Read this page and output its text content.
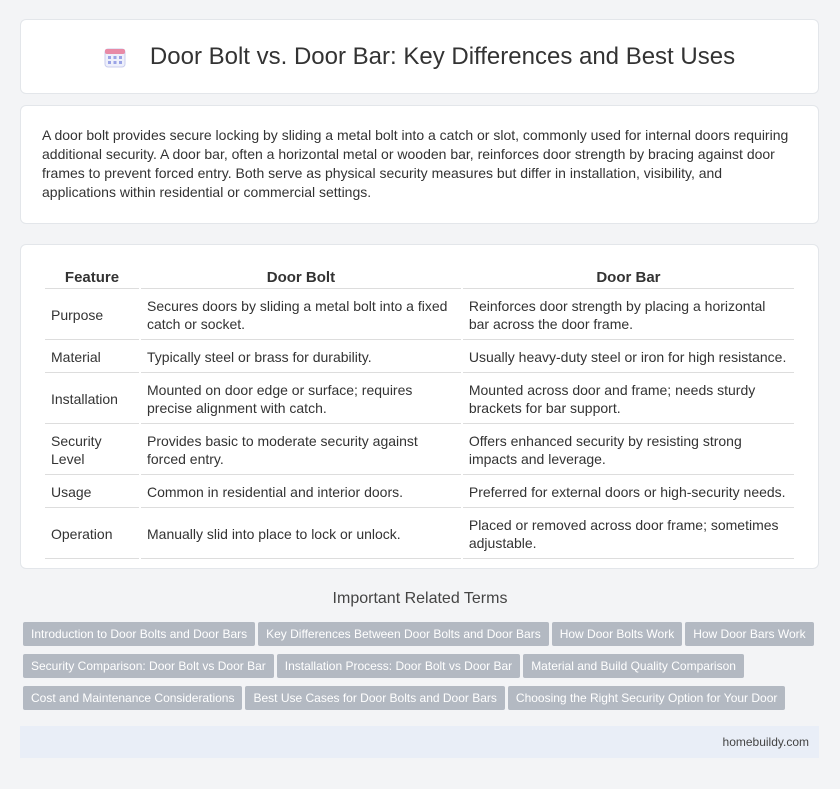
Door Bolt vs. Door Bar: Key Differences and Best Uses

A door bolt provides secure locking by sliding a metal bolt into a catch or slot, commonly used for internal doors requiring additional security. A door bar, often a horizontal metal or wooden bar, reinforces door strength by bracing against door frames to prevent forced entry. Both serve as physical security measures but differ in installation, visibility, and applications within residential or commercial settings.

Feature	Door Bolt	Door Bar
Purpose	Secures doors by sliding a metal bolt into a fixed catch or socket.	Reinforces door strength by placing a horizontal bar across the door frame.
Material	Typically steel or brass for durability.	Usually heavy-duty steel or iron for high resistance.
Installation	Mounted on door edge or surface; requires precise alignment with catch.	Mounted across door and frame; needs sturdy brackets for bar support.
Security Level	Provides basic to moderate security against forced entry.	Offers enhanced security by resisting strong impacts and leverage.
Usage	Common in residential and interior doors.	Preferred for external doors or high-security needs.
Operation	Manually slid into place to lock or unlock.	Placed or removed across door frame; sometimes adjustable.
Important Related Terms
Introduction to Door Bolts and Door Bars Key Differences Between Door Bolts and Door Bars How Door Bolts Work How Door Bars Work
Security Comparison: Door Bolt vs Door Bar Installation Process: Door Bolt vs Door Bar Material and Build Quality Comparison
Cost and Maintenance Considerations Best Use Cases for Door Bolts and Door Bars Choosing the Right Security Option for Your Door
homebuildy.com
